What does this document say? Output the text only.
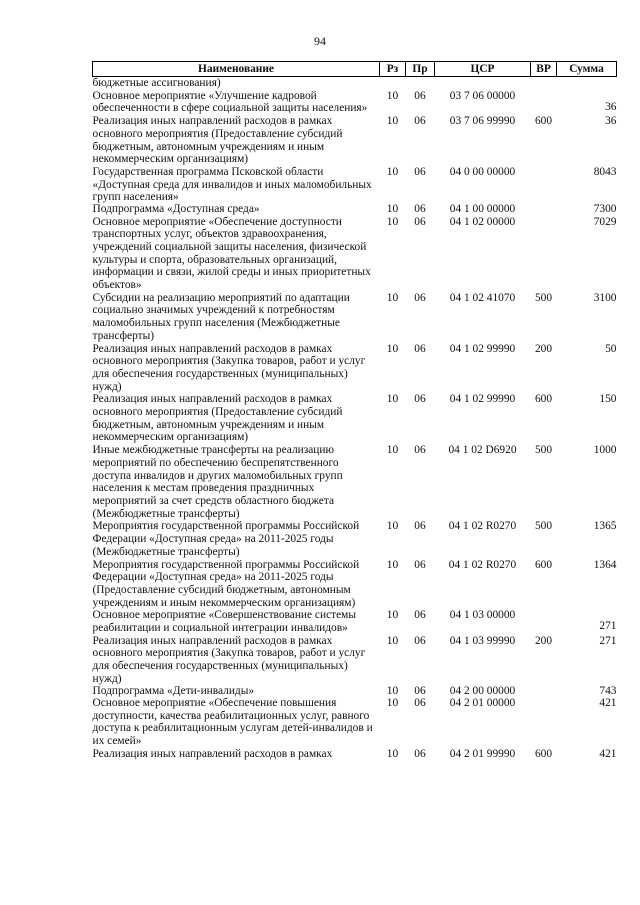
94
Наименование	Рз	Пр	ЦСР	ВР	Сумма
бюджетные ассигнования)					
Основное мероприятие «Улучшение кадровой обеспеченности в сфере социальной защиты населения»	10	06	03 7 06 00000		36
Реализация иных направлений расходов в рамках основного мероприятия (Предоставление субсидий бюджетным, автономным учреждениям и иным некоммерческим организациям)	10	06	03 7 06 99990	600	36
Государственная программа Псковской области «Доступная среда для инвалидов и иных маломобильных групп населения»	10	06	04 0 00 00000		8043
Подпрограмма «Доступная среда»	10	06	04 1 00 00000		7300
Основное мероприятие «Обеспечение доступности транспортных услуг, объектов здравоохранения, учреждений социальной защиты населения, физической культуры и спорта, образовательных организаций, информации и связи, жилой среды и иных приоритетных объектов»	10	06	04 1 02 00000		7029
Субсидии на реализацию мероприятий по адаптации социально значимых учреждений к потребностям маломобильных групп населения (Межбюджетные трансферты)	10	06	04 1 02 41070	500	3100
Реализация иных направлений расходов в рамках основного мероприятия (Закупка товаров, работ и услуг для обеспечения государственных (муниципальных) нужд)	10	06	04 1 02 99990	200	50
Реализация иных направлений расходов в рамках основного мероприятия (Предоставление субсидий бюджетным, автономным учреждениям и иным некоммерческим организациям)	10	06	04 1 02 99990	600	150
Иные межбюджетные трансферты на реализацию мероприятий по обеспечению беспрепятственного доступа инвалидов и других маломобильных групп населения к местам проведения праздничных мероприятий за счет средств областного бюджета (Межбюджетные трансферты)	10	06	04 1 02 D6920	500	1000
Мероприятия государственной программы Российской Федерации «Доступная среда» на 2011-2025 годы (Межбюджетные трансферты)	10	06	04 1 02 R0270	500	1365
Мероприятия государственной программы Российской Федерации «Доступная среда» на 2011-2025 годы (Предоставление субсидий бюджетным, автономным учреждениям и иным некоммерческим организациям)	10	06	04 1 02 R0270	600	1364
Основное мероприятие «Совершенствование системы реабилитации и социальной интеграции инвалидов»	10	06	04 1 03 00000		271
Реализация иных направлений расходов в рамках основного мероприятия (Закупка товаров, работ и услуг для обеспечения государственных (муниципальных) нужд)	10	06	04 1 03 99990	200	271
Подпрограмма «Дети-инвалиды»	10	06	04 2 00 00000		743
Основное мероприятие «Обеспечение повышения доступности, качества реабилитационных услуг, равного доступа к реабилитационным услугам детей-инвалидов и их семей»	10	06	04 2 01 00000		421
Реализация иных направлений расходов в рамках	10	06	04 2 01 99990	600	421
